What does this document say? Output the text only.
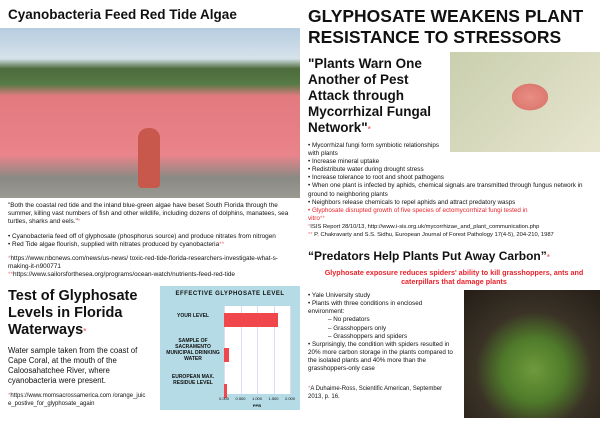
Cyanobacteria Feed Red Tide Algae

"Both the coastal red tide and the inland blue-green algae have beset South Florida through the summer, killing vast numbers of fish and other wildlife, including dozens of dolphins, manatees, sea turtles, sharks and eels."*

• Cyanobacteria feed off of glyphosate (phosphorus source) and produce nitrates from nitrogen
• Red Tide algae flourish, supplied with nitrates produced by cyanobacteria**

*https://www.nbcnews.com/news/us-news/ toxic-red-tide-florida-researchers-investigate-what-s-making-it-n900771
**https://www.sailorsforthesea.org/programs/ocean-watch/nutrients-feed-red-tide

Test of Glyphosate Levels in Florida Waterways*
Water sample taken from the coast of Cape Coral, at the mouth of the Caloosahatchee River, where cyanobacteria were present.
*https://www.momsacrossamerica.com /orange_juice_postive_for_glyphosate_again
EFFECTIVE GLYPHOSATE LEVEL
YOUR LEVEL
SAMPLE OF SACRAMENTO MUNICIPAL DRINKING WATER
EUROPEAN MAX. RESIDUE LEVEL
PPB
0.000 0.500 1.000 1.500 2.000
GLYPHOSATE WEAKENS PLANT RESISTANCE TO STRESSORS
"Plants Warn One Another of Pest Attack through Mycorrhizal Fungal Network"*
• Mycorrhizal fungi form symbiotic relationships with plants
• Increase mineral uptake
• Redistribute water during drought stress
• Increase tolerance to root and shoot pathogens
• When one plant is infected by aphids, chemical signals are transmitted through fungus network in ground to neighboring plants
• Neighbors release chemicals to repel aphids and attract predatory wasps
• Glyphosate disrupted growth of five species of ectomycorrhizal fungi tested in vitro**
*ISIS Report 28/10/13, http://www.i-sis.org.uk/mycorrhizae_and_plant_communication.php
** P. Chakravarty and S.S. Sidhu, European Journal of Forest Pathology 17(4-5), 204-210, 1987
“Predators Help Plants Put Away Carbon”*
Glyphosate exposure reduces spiders' ability to kill grasshoppers, ants and caterpillars that damage plants
• Yale University study
• Plants with three conditions in enclosed environment:
– No predators
– Grasshoppers only
– Grasshoppers and spiders
• Surprisingly, the condition with spiders resulted in 20% more carbon storage in the plants compared to the isolated plants and 40% more than the grasshoppers-only case
*A Duhaime-Ross, Scientific American, September 2013, p. 16.
